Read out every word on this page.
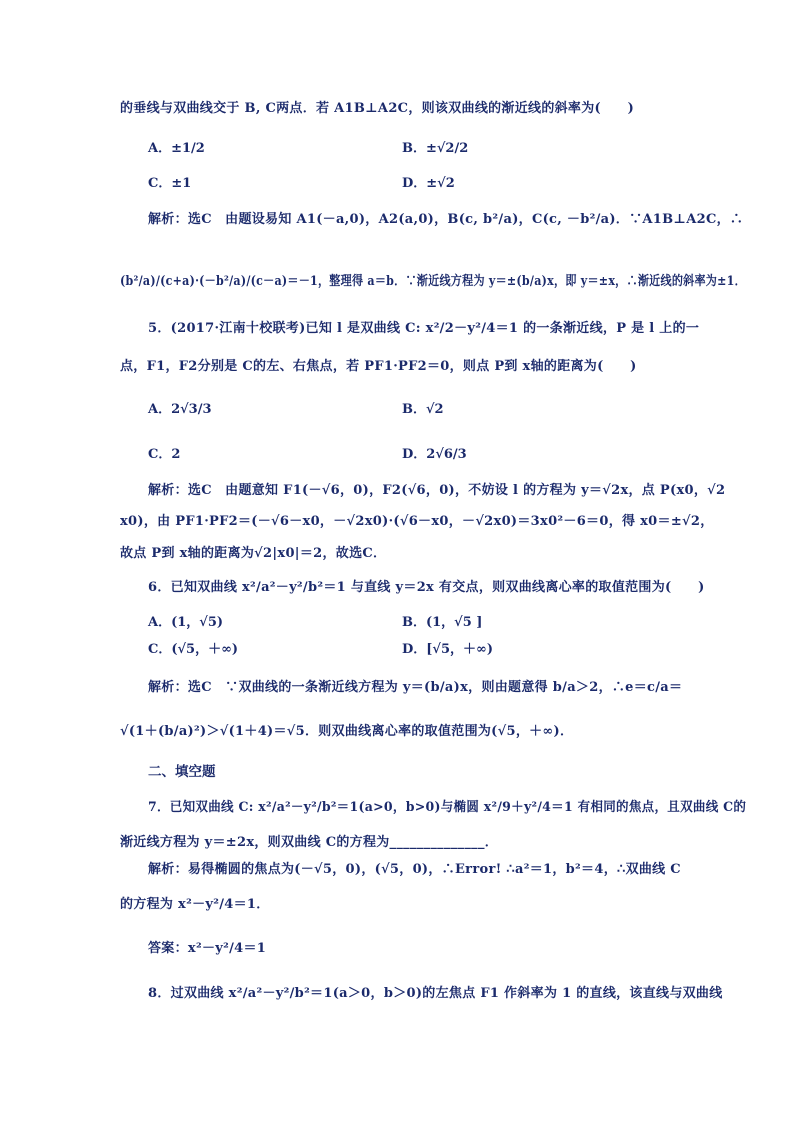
的垂线与双曲线交于 B, C两点．若 A1B⊥A2C，则该双曲线的渐近线的斜率为(　　)
A．±1/2	B．±√2/2
C．±1	D．±√2
解析：选C　由题设易知 A1(－a,0)，A2(a,0)，B(c, b²/a)，C(c, －b²/a)．∵A1B⊥A2C，∴
(b²/a)/(c+a)·(－b²/a)/(c－a)＝－1，整理得 a＝b．∵渐近线方程为 y＝±(b/a)x，即 y＝±x，∴渐近线的斜率为±1．
5．(2017·江南十校联考)已知 l 是双曲线 C: x²/2－y²/4＝1 的一条渐近线，P 是 l 上的一
点，F1，F2分别是 C的左、右焦点，若 PF1·PF2＝0，则点 P到 x轴的距离为(　　)
A．2√3/3	B．√2
C．2	D．2√6/3
解析：选C　由题意知 F1(－√6，0)，F2(√6，0)，不妨设 l 的方程为 y＝√2x，点 P(x0，√2
x0)，由 PF1·PF2＝(－√6－x0，－√2x0)·(√6－x0，－√2x0)＝3x0²－6＝0，得 x0＝±√2，
故点 P到 x轴的距离为√2|x0|＝2，故选C．
6．已知双曲线 x²/a²－y²/b²＝1 与直线 y＝2x 有交点，则双曲线离心率的取值范围为(　　)
A．(1，√5)	B．(1，√5 ]
C．(√5，＋∞)	D．[√5，＋∞)
解析：选C　∵双曲线的一条渐近线方程为 y＝(b/a)x，则由题意得 b/a＞2，∴e＝c/a＝
√(1＋(b/a)²)＞√(1＋4)＝√5．则双曲线离心率的取值范围为(√5，＋∞)．
二、填空题
7．已知双曲线 C: x²/a²－y²/b²＝1(a>0，b>0)与椭圆 x²/9＋y²/4＝1 有相同的焦点，且双曲线 C的
渐近线方程为 y＝±2x，则双曲线 C的方程为______________．
解析：易得椭圆的焦点为(－√5，0)，(√5，0)，∴Error! ∴a²＝1，b²＝4，∴双曲线 C
的方程为 x²－y²/4＝1．
答案：x²－y²/4＝1
8．过双曲线 x²/a²－y²/b²＝1(a＞0，b＞0)的左焦点 F1 作斜率为 1 的直线，该直线与双曲线
